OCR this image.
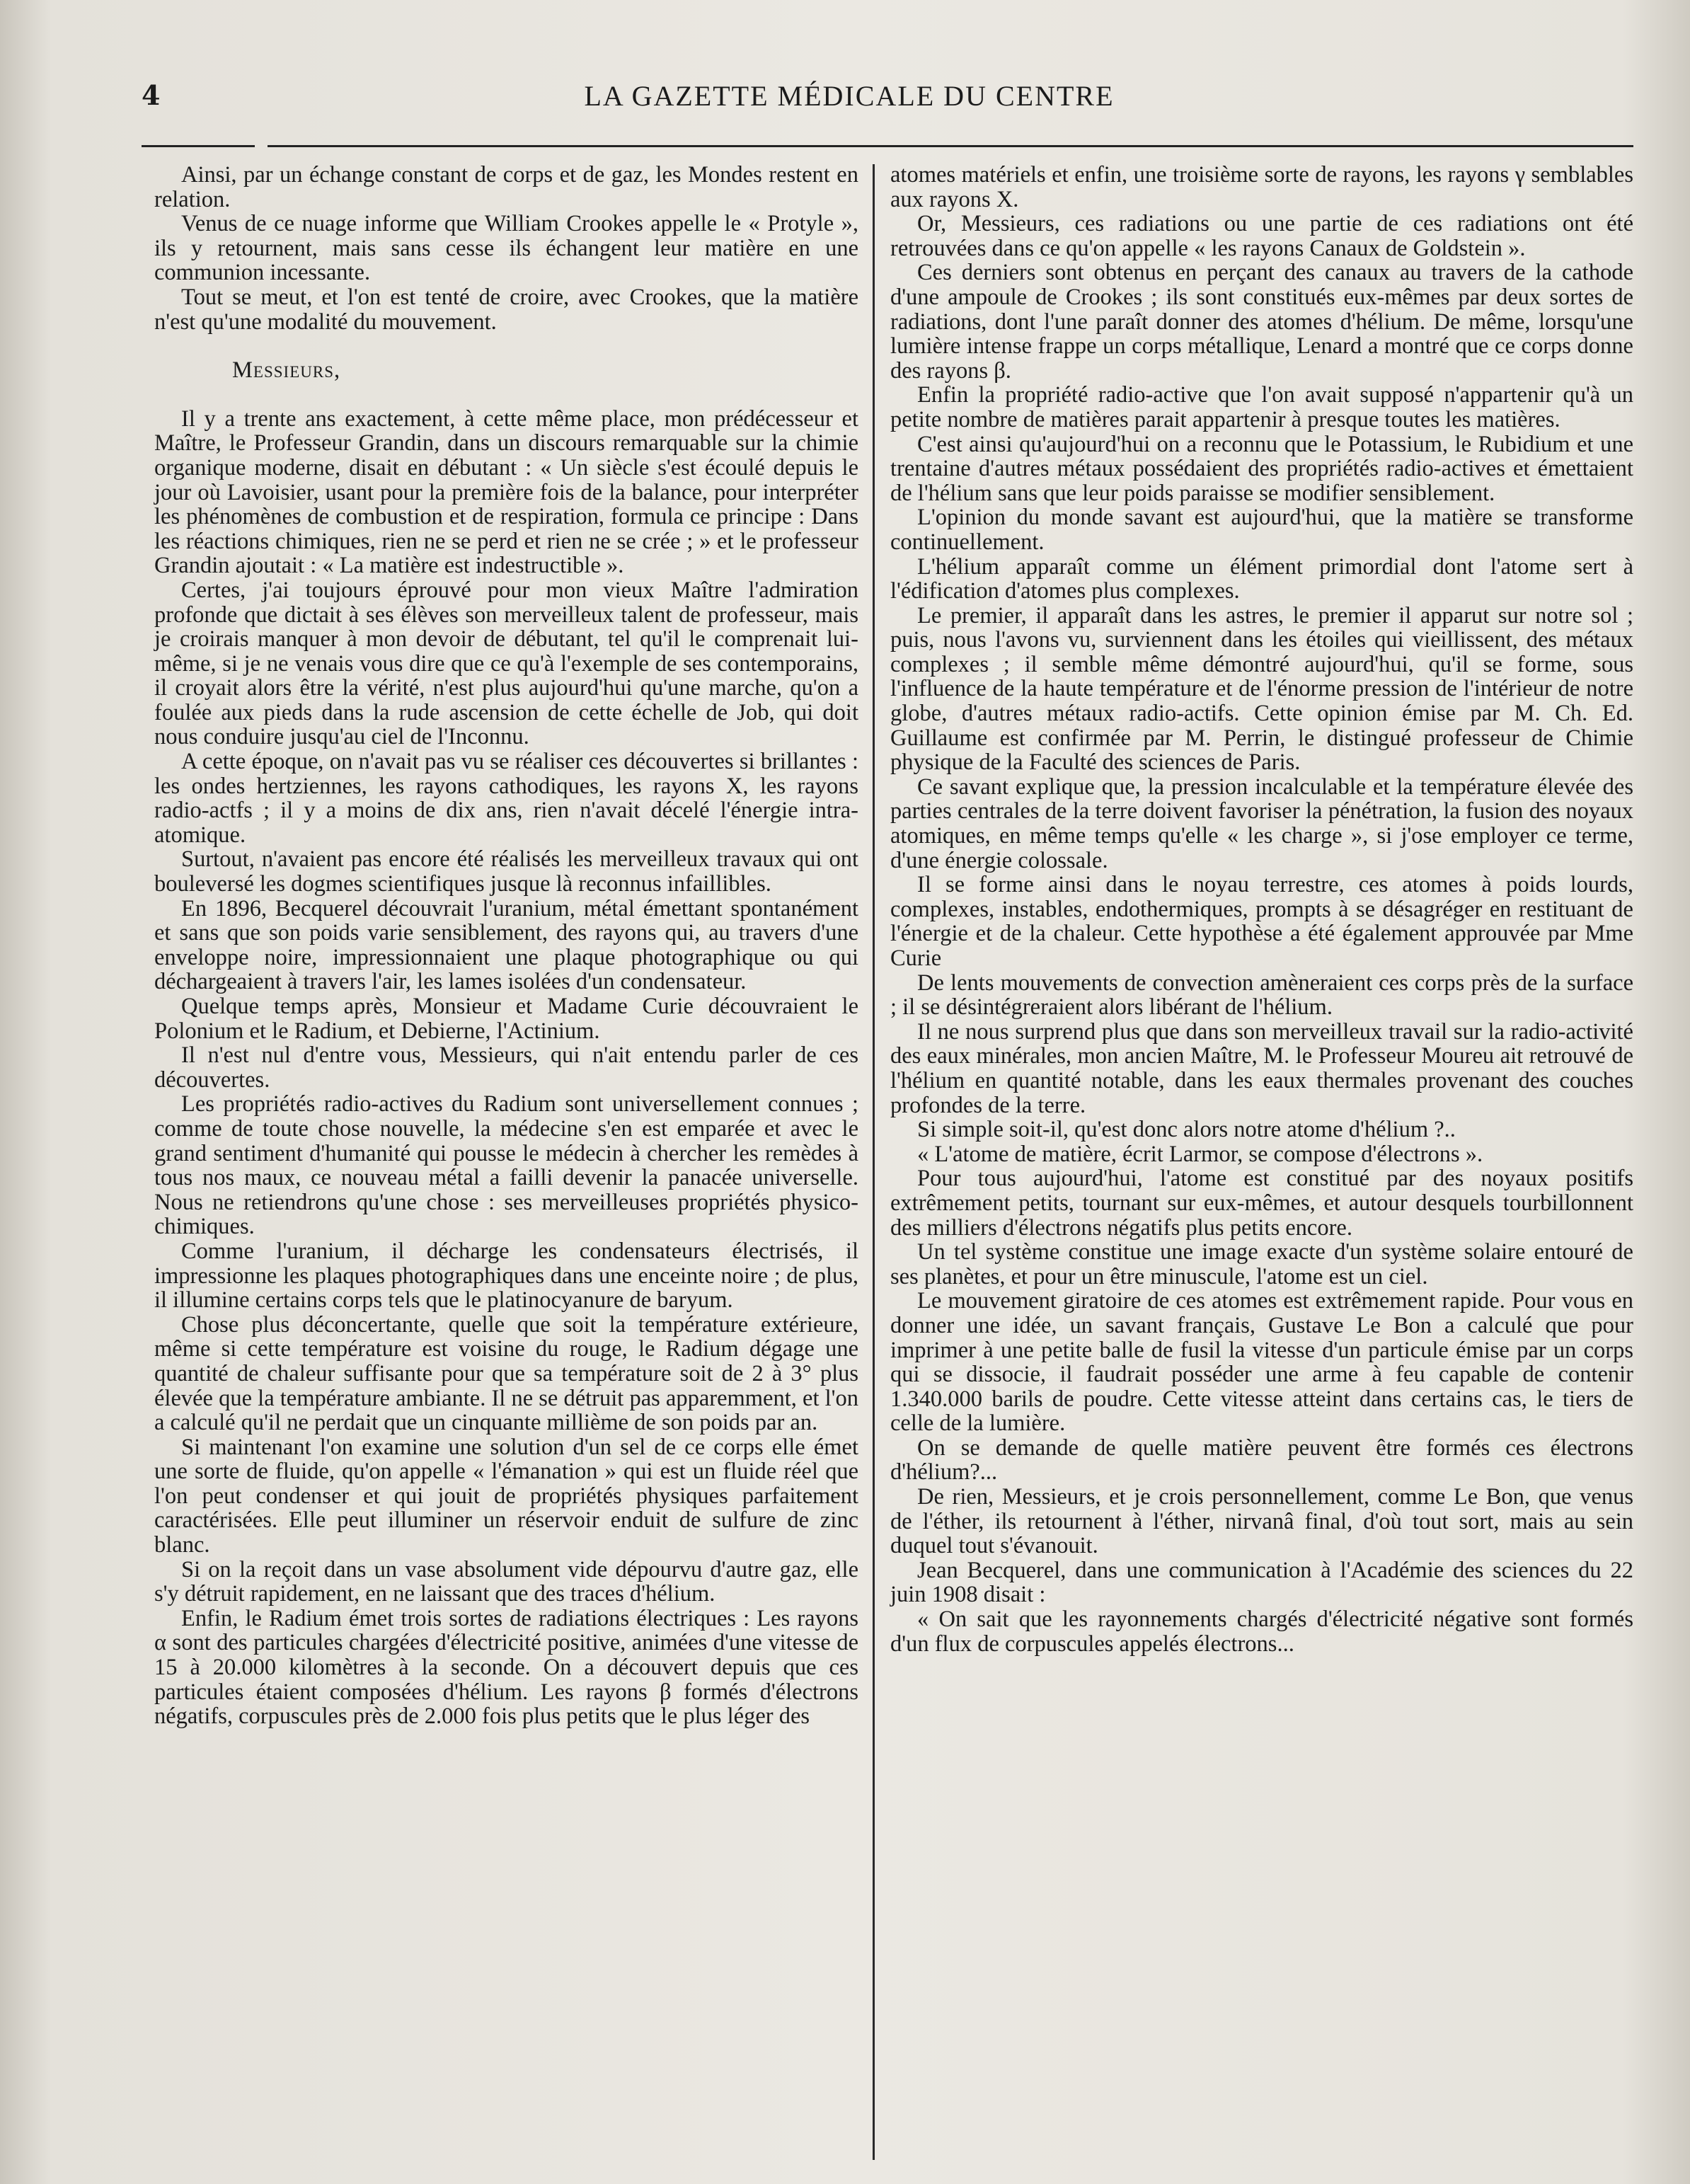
4	LA GAZETTE MÉDICALE DU CENTRE

Ainsi, par un échange constant de corps et de gaz, les Mondes restent en relation.

Venus de ce nuage informe que William Crookes appelle le « Protyle », ils y retournent, mais sans cesse ils échangent leur matière en une communion incessante.

Tout se meut, et l'on est tenté de croire, avec Crookes, que la matière n'est qu'une modalité du mouvement.

Messieurs,

Il y a trente ans exactement, à cette même place, mon prédécesseur et Maître, le Professeur Grandin, dans un discours remarquable sur la chimie organique moderne, disait en débutant : « Un siècle s'est écoulé depuis le jour où Lavoisier, usant pour la première fois de la balance, pour interpréter les phénomènes de combustion et de respiration, formula ce principe : Dans les réactions chimiques, rien ne se perd et rien ne se crée ; » et le professeur Grandin ajoutait : « La matière est indestructible ».

Certes, j'ai toujours éprouvé pour mon vieux Maître l'admiration profonde que dictait à ses élèves son merveilleux talent de professeur, mais je croirais manquer à mon devoir de débutant, tel qu'il le comprenait lui-même, si je ne venais vous dire que ce qu'à l'exemple de ses contemporains, il croyait alors être la vérité, n'est plus aujourd'hui qu'une marche, qu'on a foulée aux pieds dans la rude ascension de cette échelle de Job, qui doit nous conduire jusqu'au ciel de l'Inconnu.

A cette époque, on n'avait pas vu se réaliser ces découvertes si brillantes : les ondes hertziennes, les rayons cathodiques, les rayons X, les rayons radio-actfs ; il y a moins de dix ans, rien n'avait décelé l'énergie intra-atomique.

Surtout, n'avaient pas encore été réalisés les merveilleux travaux qui ont bouleversé les dogmes scientifiques jusque là reconnus infaillibles.

En 1896, Becquerel découvrait l'uranium, métal émettant spontanément et sans que son poids varie sensiblement, des rayons qui, au travers d'une enveloppe noire, impressionnaient une plaque photographique ou qui déchargeaient à travers l'air, les lames isolées d'un condensateur.

Quelque temps après, Monsieur et Madame Curie découvraient le Polonium et le Radium, et Debierne, l'Actinium.

Il n'est nul d'entre vous, Messieurs, qui n'ait entendu parler de ces découvertes.

Les propriétés radio-actives du Radium sont universellement connues ; comme de toute chose nouvelle, la médecine s'en est emparée et avec le grand sentiment d'humanité qui pousse le médecin à chercher les remèdes à tous nos maux, ce nouveau métal a failli devenir la panacée universelle. Nous ne retiendrons qu'une chose : ses merveilleuses propriétés physico-chimiques.

Comme l'uranium, il décharge les condensateurs électrisés, il impressionne les plaques photographiques dans une enceinte noire ; de plus, il illumine certains corps tels que le platinocyanure de baryum.

Chose plus déconcertante, quelle que soit la température extérieure, même si cette température est voisine du rouge, le Radium dégage une quantité de chaleur suffisante pour que sa température soit de 2 à 3° plus élevée que la température ambiante. Il ne se détruit pas apparemment, et l'on a calculé qu'il ne perdait que un cinquante millième de son poids par an.

Si maintenant l'on examine une solution d'un sel de ce corps elle émet une sorte de fluide, qu'on appelle « l'émanation » qui est un fluide réel que l'on peut condenser et qui jouit de propriétés physiques parfaitement caractérisées. Elle peut illuminer un réservoir enduit de sulfure de zinc blanc.

Si on la reçoit dans un vase absolument vide dépourvu d'autre gaz, elle s'y détruit rapidement, en ne laissant que des traces d'hélium.

Enfin, le Radium émet trois sortes de radiations électriques : Les rayons α sont des particules chargées d'électricité positive, animées d'une vitesse de 15 à 20.000 kilomètres à la seconde. On a découvert depuis que ces particules étaient composées d'hélium. Les rayons β formés d'électrons négatifs, corpuscules près de 2.000 fois plus petits que le plus léger des

atomes matériels et enfin, une troisième sorte de rayons, les rayons γ semblables aux rayons X.

Or, Messieurs, ces radiations ou une partie de ces radiations ont été retrouvées dans ce qu'on appelle « les rayons Canaux de Goldstein ».

Ces derniers sont obtenus en perçant des canaux au travers de la cathode d'une ampoule de Crookes ; ils sont constitués eux-mêmes par deux sortes de radiations, dont l'une paraît donner des atomes d'hélium. De même, lorsqu'une lumière intense frappe un corps métallique, Lenard a montré que ce corps donne des rayons β.

Enfin la propriété radio-active que l'on avait supposé n'appartenir qu'à un petite nombre de matières parait appartenir à presque toutes les matières.

C'est ainsi qu'aujourd'hui on a reconnu que le Potassium, le Rubidium et une trentaine d'autres métaux possédaient des propriétés radio-actives et émettaient de l'hélium sans que leur poids paraisse se modifier sensiblement.

L'opinion du monde savant est aujourd'hui, que la matière se transforme continuellement.

L'hélium apparaît comme un élément primordial dont l'atome sert à l'édification d'atomes plus complexes.

Le premier, il apparaît dans les astres, le premier il apparut sur notre sol ; puis, nous l'avons vu, surviennent dans les étoiles qui vieillissent, des métaux complexes ; il semble même démontré aujourd'hui, qu'il se forme, sous l'influence de la haute température et de l'énorme pression de l'intérieur de notre globe, d'autres métaux radio-actifs. Cette opinion émise par M. Ch. Ed. Guillaume est confirmée par M. Perrin, le distingué professeur de Chimie physique de la Faculté des sciences de Paris.

Ce savant explique que, la pression incalculable et la température élevée des parties centrales de la terre doivent favoriser la pénétration, la fusion des noyaux atomiques, en même temps qu'elle « les charge », si j'ose employer ce terme, d'une énergie colossale.

Il se forme ainsi dans le noyau terrestre, ces atomes à poids lourds, complexes, instables, endothermiques, prompts à se désagréger en restituant de l'énergie et de la chaleur. Cette hypothèse a été également approuvée par Mme Curie

De lents mouvements de convection amèneraient ces corps près de la surface ; il se désintégreraient alors libérant de l'hélium.

Il ne nous surprend plus que dans son merveilleux travail sur la radio-activité des eaux minérales, mon ancien Maître, M. le Professeur Moureu ait retrouvé de l'hélium en quantité notable, dans les eaux thermales provenant des couches profondes de la terre.

Si simple soit-il, qu'est donc alors notre atome d'hélium ?..

« L'atome de matière, écrit Larmor, se compose d'électrons ».

Pour tous aujourd'hui, l'atome est constitué par des noyaux positifs extrêmement petits, tournant sur eux-mêmes, et autour desquels tourbillonnent des milliers d'électrons négatifs plus petits encore.

Un tel système constitue une image exacte d'un système solaire entouré de ses planètes, et pour un être minuscule, l'atome est un ciel.

Le mouvement giratoire de ces atomes est extrêmement rapide. Pour vous en donner une idée, un savant français, Gustave Le Bon a calculé que pour imprimer à une petite balle de fusil la vitesse d'un particule émise par un corps qui se dissocie, il faudrait posséder une arme à feu capable de contenir 1.340.000 barils de poudre. Cette vitesse atteint dans certains cas, le tiers de celle de la lumière.

On se demande de quelle matière peuvent être formés ces électrons d'hélium?...

De rien, Messieurs, et je crois personnellement, comme Le Bon, que venus de l'éther, ils retournent à l'éther, nirvanâ final, d'où tout sort, mais au sein duquel tout s'évanouit.

Jean Becquerel, dans une communication à l'Académie des sciences du 22 juin 1908 disait :

« On sait que les rayonnements chargés d'électricité négative sont formés d'un flux de corpuscules appelés électrons...
